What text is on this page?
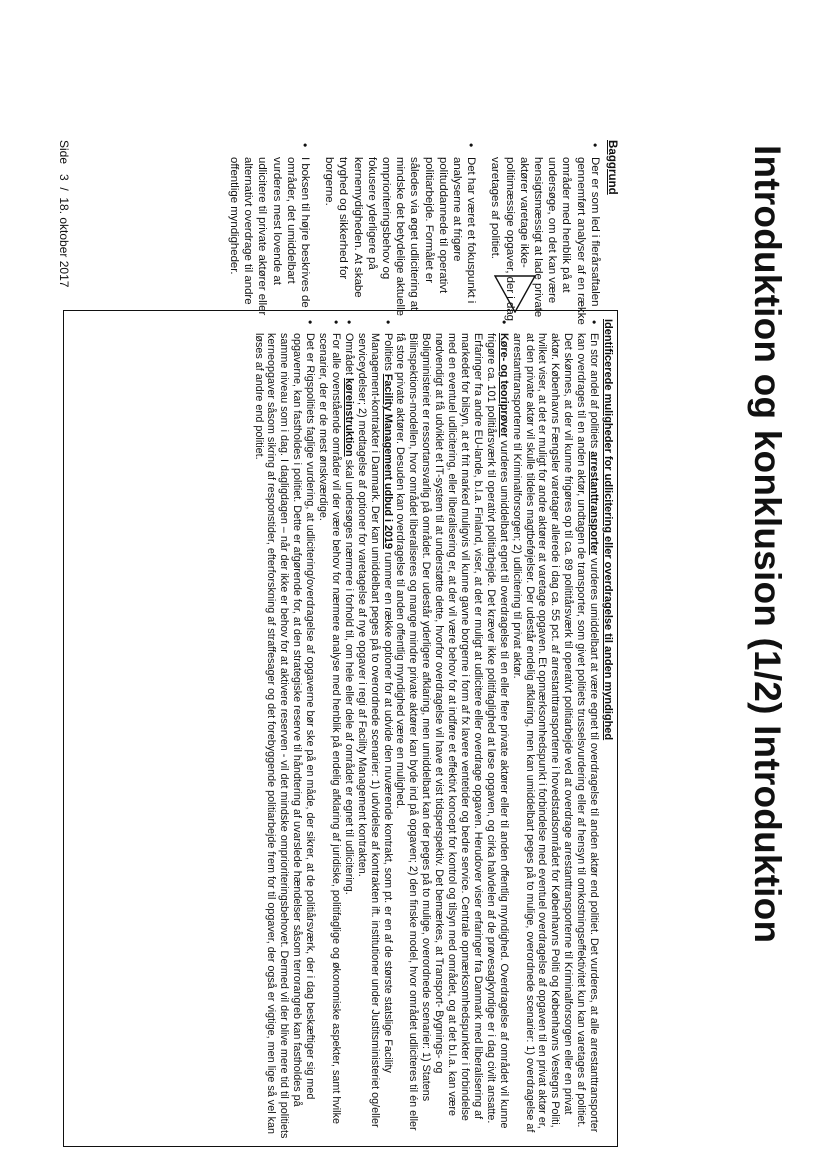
Introduktion og konklusion (1/2) Introduktion
Baggrund
• Der er som led i flerårsaftalen gennemført analyser af en række områder med henblik på at undersøge, om det kan være hensigtsmæssigt at lade private aktører varetage ikke-politimæssige opgaver, der i dag varetages af politiet.
• Det har været et fokuspunkt i analyserne at frigøre polituddannede til operativt politiarbejde. Formålet er således via øget udlicitering at mindske det betydelige aktuelle omprioriteringsbehov og fokusere yderligere på kernemydigheden. At skabe tryghed og sikkerhed for borgerne.
• I boksen til højre beskrives de områder, det umiddelbart vurderes mest lovende at udlicitere til private aktører eller alternativt overdrage til andre offentlige myndigheder.
Identificerede muligheder for udlicitering eller overdragelse til anden myndighed
• En stor andel af politiets arrestanttransporter vurderes umiddelbart at være egnet til overdragelse til anden aktør end politiet. Det vurderes, at alle arrestanttransporter kan overdrages til en anden aktør, undtagen de transporter, som givet politiets trusselsvurdering eller af hensyn til omkostningseffektivitet kun kan varetages af politiet. Det skønnes, at der vil kunne frigøres op til ca. 89 polititårsværk til operativt politiarbejde ved at overdrage arrestanttransporterne til Kriminalforsorgen eller en privat aktør. Københavns Fængsler varetager allerede i dag ca. 55 pct. af arrestanttransporterne i hovedstadsområdet for Københavns Politi og Københavns Vestegns Politi, hvilket viser, at det er muligt for andre aktører at varetage opgaven. Et opmærksomhedspunkt i forbindelse med eventuel overdragelse af opgaven til en privat aktør er, at den private aktør vil skulle tildeles magtbeføjelser. Der udestår endelig afklaring, men kan umiddelbart peges på to mulige, overordnede scenarier: 1) overdragelse af arrestanttransporterne til Kriminalforsorgen; 2) udlicitering til privat aktør.
• Køre- og teoriprøver vurderes umiddelbart egnet til overdragelse til en eller flere private aktører eller til anden offentlig myndighed. Overdragelse af området vil kunne frigøre ca. 101 politiårsværk til operativt politiarbejde. Det kræver ikke politifaglighed at løse opgaven, og cirka halvdelen af de prøvesagkyndige er i dag civilt ansatte. Erfaringer fra andre EU-lande, b.l.a. Finland, viser, at det er muligt at udlicitere eller overdrage opgaven. Herudover viser erfaringer fra Danmark med liberalisering af markedet for bilsyn, at et frit marked muligvis vil kunne gavne borgerne i form af fx lavere ventetider og bedre service. Centrale opmærksomhedspunkter i forbindelse med en eventuel udlicitering, eller liberalisering er, at der vil være behov for at indføre et effektivt koncept for kontrol og tilsyn med området, og at det b.l.a. kan være nødvendigt at få udviklet et IT-system til at understøtte dette, hvorfor overdragelse vil have et vist tidsperspektiv. Det bemærkes, at Transport- Bygnings- og Boligministeriet er ressortansvarlig på området. Der udestår yderligere afklaring, men umiddelbart kan der peges på to mulige, overordnede scenarier: 1) Statens Bilinspektions-modellen, hvor området liberaliseres og mange mindre private aktører kan byde ind på opgaven; 2) den finske model, hvor området udliciteres til én eller få store private aktører. Desuden kan overdragelse til anden offentlig myndighed være en mulighed.
• Politiets Facility Management udbud i 2019 rummer en række optioner for at udvide den nuværende kontrakt, som pt. er en af de største statslige Facility Management-kontrakter i Danmark. Der kan umiddelbart peges på to overordnede scenarier: 1) udvidelse af kontrakten ift. institutioner under Justitsministeriet og/eller serviceydelser; 2) medtagelse af optioner for varetagelse af nye opgaver i regi af Facility Management kontrakten.
• Området køreinstruktion skal undersøges nærmere i forhold til, om hele eller dele af området er egnet til udlicitering.
• For alle ovenstående områder vil der være behov for nærmere analyse med henblik på endelig afklaring af juridiske, politifaglige og økonomiske aspekter, samt hvilke scenarier, der er de mest ønskværdige.
• Det er Rigspolitiets faglige vurdering, at udlicitering/overdragelse af opgaverne bør ske på en måde, der sikrer, at de politiårsværk, der i dag beskæftiger sig med opgaverne, kan fastholdes i politiet. Dette er afgørende for, at den strategiske reserve til håndtering af uvarslede hændelser såsom terrorangreb kan fastholdes på samme niveau som i dag. I dagligdagen – når der ikke er behov for at aktivere reserven - vil det mindske omprioriteringsbehovet. Dermed vil der blive mere tid til politiets kerneopgaver såsom sikring af responstider, efterforskning af straffesager og det forebyggende politiarbejde frem for til opgaver, der også er vigtige, men lige så vel kan løses af andre end politiet.
Side   3  /  18. oktober 2017
